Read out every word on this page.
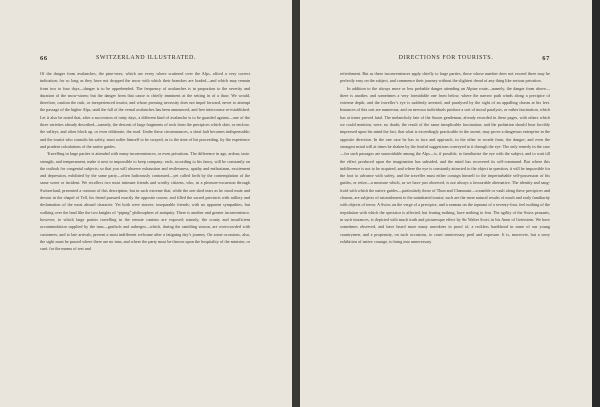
66	SWITZERLAND ILLUSTRATED.

Of the danger from avalanches, the pine-trees, which are every where scattered over the Alps, afford a very correct indication; for so long as they have not dropped the snow with which their branches are loaded—and which may remain from two to four days—danger is to be apprehended. The frequency of avalanches is in proportion to the severity and duration of the snow-storm; but the danger from that cause is chiefly imminent at the setting in of a thaw. We would, therefore, caution the rash, or inexperienced tourist, and whose pressing necessity does not impel forward, never to attempt the passage of the higher Alps, until the fall of the vernal avalanches has been announced, and free intercourse re-established. Let it also be noted that, after a succession of rainy days, a different kind of avalanche is to be guarded against—one of the three varieties already described—namely, the descent of large fragments of rock from the precipices which skirt, or enclose, the valleys, and often block up, or even obliterate, the road. Under these circumstances, a short halt becomes indispensable; and the tourist who consults his safety, must suffer himself to be swayed, as to the time of his proceeding, by the experience and prudent calculations of the native guides.

Travelling in large parties is attended with many inconveniences, or even privations. The difference in age, ardour, taste, strength, and temperament, make it next to impossible to keep company; each, according to his fancy, will be constantly on the outlook for congenial subjects; so that you will observe exhaustion and restlessness, apathy and enthusiasm, excitement and depression, exhibited by the same party—often ludicrously contrasted—yet called forth by the contemplation of the same scene or incident. We recollect two most intimate friends and worthy citizens, who, in a pleasure-excursion through Switzerland, presented a contrast of this description, but in such extreme that, while the one shed tears as he stood mute and devout in the chapel of Tell, his friend pursued exactly the opposite course, and filled the sacred precincts with raillery and declamation of the most absurd character. Yet both were sincere, inseparable friends; with no apparent sympathies, but walking over the land like the two knights of “piping” philosophers of antiquity. There is another and greater inconvenience, however, to which large parties travelling in the remote cantons are exposed; namely, the scanty and insufficient accommodation supplied by the inns—gasthofs and auberges—which, during the rambling season, are overcrowded with customers; and to late arrivals, present a most indifferent welcome after a fatiguing day’s journey. On some occasions, also, the sight must be passed where there are no inns, and where the party must be thrown upon the hospitality of the minister, or curé, for the means of rest and

DIRECTIONS FOR TOURISTS.	67

refreshment. But as these inconveniences apply chiefly to large parties, those whose number does not exceed three may be perfectly easy on the subject, and commence their journey without the slightest dread of any thing like serious privation.

In addition to the always more or less probable danger attending an Alpine route—namely, the danger from above—there is another, and sometimes a very formidable one from below, where the narrow path winds along a precipice of extreme depth, and the traveller’s eye is suddenly arrested, and paralysed by the sight of an appalling chasm at his feet. Instances of this sort are numerous; and on nervous individuals produce a sort of moral paralysis, or rather fascination, which has at times proved fatal. The melancholy fate of the Saxon gentleman, already recorded in these pages, with others which we could mention, were, no doubt, the result of the same inexplicable fascination; and the probation should bear forcibly impressed upon his mind the fact, that what is exceedingly practicable in the ascent, may prove a dangerous enterprise in the opposite direction. In the one case he has to face and approach, in the other to recede from, the danger; and even the strongest mind will at times be shaken by the fearful suggestions conveyed to it through the eye. The only remedy in the case—for such passages are unavoidable among the Alps—is, if possible, to familiarize the eye with the subject, and to wait till the effect produced upon the imagination has subsided, and the mind has recovered its self-command. But where this indifference is not to be acquired, and where the eye is constantly attracted to the object in question, it will be impossible for the foot to advance with safety, and the traveller must either consign himself to the imperturbable self-possession of his guides, or retire—a measure which, as we have just observed, is not always a favourable alternative. The identity and sang-froid with which the native guides—particularly those of Thun and Chamouni—scramble or vault along these precipices and chasms, are subjects of astonishment to the uninitiated tourist; such are the mere natural results of much and early familiarity with objects of terror. A Swiss on the verge of a precipice, and a seaman on the topmast of a seventy-four, feel nothing of the trepidation with which the spectator is affected, but fearing nothing, have nothing to fear. The agility of the Swiss peasants, in such instances, is depicted with much truth and picturesque effect by Sir Walter Scott, in his Anne of Geierstein. We have sometimes observed, and have heard more many anecdotes in proof of, a reckless hardihood in some of our young countrymen, and a propensity, on such occasions, to court unnecessary peril and exposure. It is, moreover, but a sorry exhibition of native courage, to bring into unnecessary
